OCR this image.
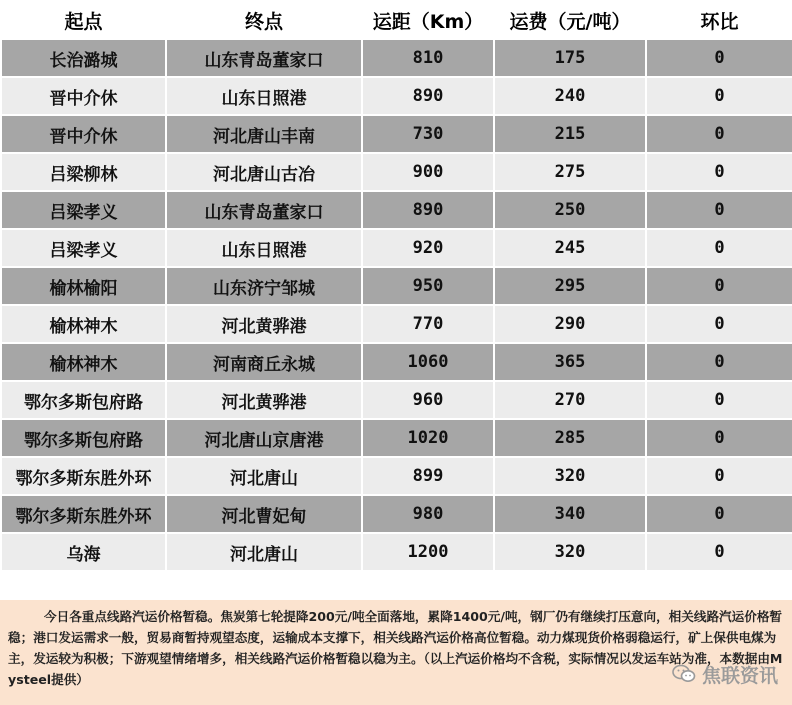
起点	终点	运距（Km）	运费（元/吨）	环比
长治潞城	山东青岛董家口	810	175	0
晋中介休	山东日照港	890	240	0
晋中介休	河北唐山丰南	730	215	0
吕梁柳林	河北唐山古冶	900	275	0
吕梁孝义	山东青岛董家口	890	250	0
吕梁孝义	山东日照港	920	245	0
榆林榆阳	山东济宁邹城	950	295	0
榆林神木	河北黄骅港	770	290	0
榆林神木	河南商丘永城	1060	365	0
鄂尔多斯包府路	河北黄骅港	960	270	0
鄂尔多斯包府路	河北唐山京唐港	1020	285	0
鄂尔多斯东胜外环	河北唐山	899	320	0
鄂尔多斯东胜外环	河北曹妃甸	980	340	0
乌海	河北唐山	1200	320	0

今日各重点线路汽运价格暂稳。焦炭第七轮提降200元/吨全面落地，累降1400元/吨，钢厂仍有继续打压意向，相关线路汽运价格暂稳；港口发运需求一般，贸易商暂持观望态度，运输成本支撑下，相关线路汽运价格高位暂稳。动力煤现货价格弱稳运行，矿上保供电煤为主，发运较为积极；下游观望情绪增多，相关线路汽运价格暂稳以稳为主。（以上汽运价格均不含税，实际情况以发运车站为准，本数据由Mysteel提供）	焦联资讯
